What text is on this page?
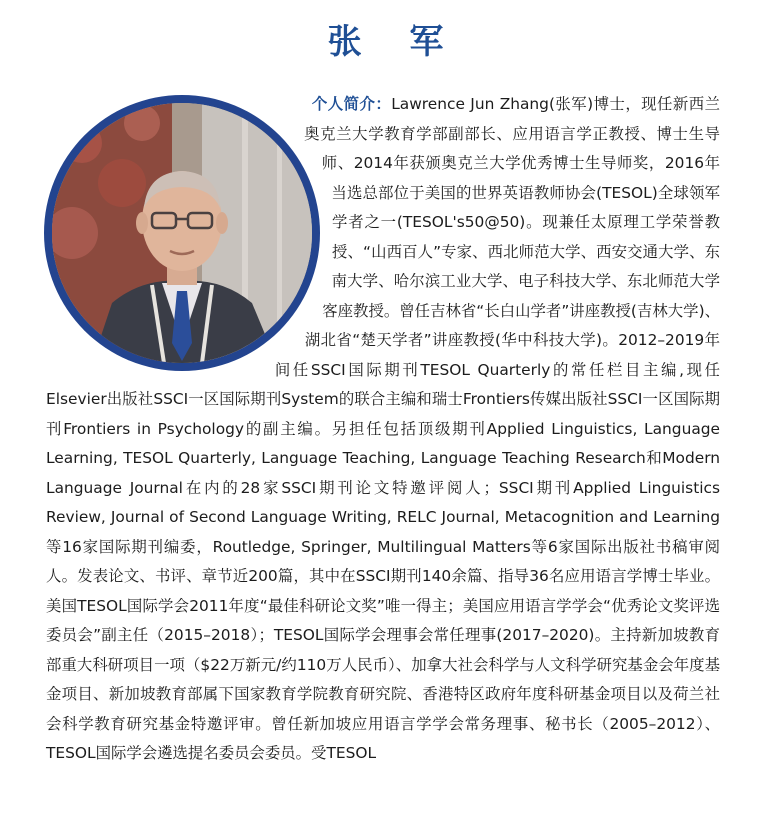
张 军
个人简介：Lawrence Jun Zhang(张军)博士，现任新西兰奥克兰大学教育学部副部长、应用语言学正教授、博士生导师、2014年获颁奥克兰大学优秀博士生导师奖，2016年当选总部位于美国的世界英语教师协会(TESOL)全球领军学者之一(TESOL's50@50)。现兼任太原理工学荣誉教授、“山西百人”专家、西北师范大学、西安交通大学、东南大学、哈尔滨工业大学、电子科技大学、东北师范大学客座教授。曾任吉林省“长白山学者”讲座教授(吉林大学)、湖北省“楚天学者”讲座教授(华中科技大学)。2012–2019年间任SSCI国际期刊TESOL Quarterly的常任栏目主编,现任Elsevier出版社SSCI一区国际期刊System的联合主编和瑞士Frontiers传媒出版社SSCI一区国际期刊Frontiers in Psychology的副主编。另担任包括顶级期刊Applied Linguistics, Language Learning, TESOL Quarterly, Language Teaching, Language Teaching Research和Modern Language Journal在内的28家SSCI期刊论文特邀评阅人；SSCI期刊Applied Linguistics Review, Journal of Second Language Writing, RELC Journal, Metacognition and Learning等16家国际期刊编委，Routledge, Springer, Multilingual Matters等6家国际出版社书稿审阅人。发表论文、书评、章节近200篇，其中在SSCI期刊140余篇、指导36名应用语言学博士毕业。美国TESOL国际学会2011年度“最佳科研论文奖”唯一得主；美国应用语言学学会“优秀论文奖评选委员会”副主任（2015–2018）；TESOL国际学会理事会常任理事(2017–2020)。主持新加坡教育部重大科研项目一项（$22万新元/约110万人民币）、加拿大社会科学与人文科学研究基金会年度基金项目、新加坡教育部属下国家教育学院教育研究院、香港特区政府年度科研基金项目以及荷兰社会科学教育研究基金特邀评审。曾任新加坡应用语言学学会常务理事、秘书长（2005–2012）、TESOL国际学会遴选提名委员会委员。受TESOL
